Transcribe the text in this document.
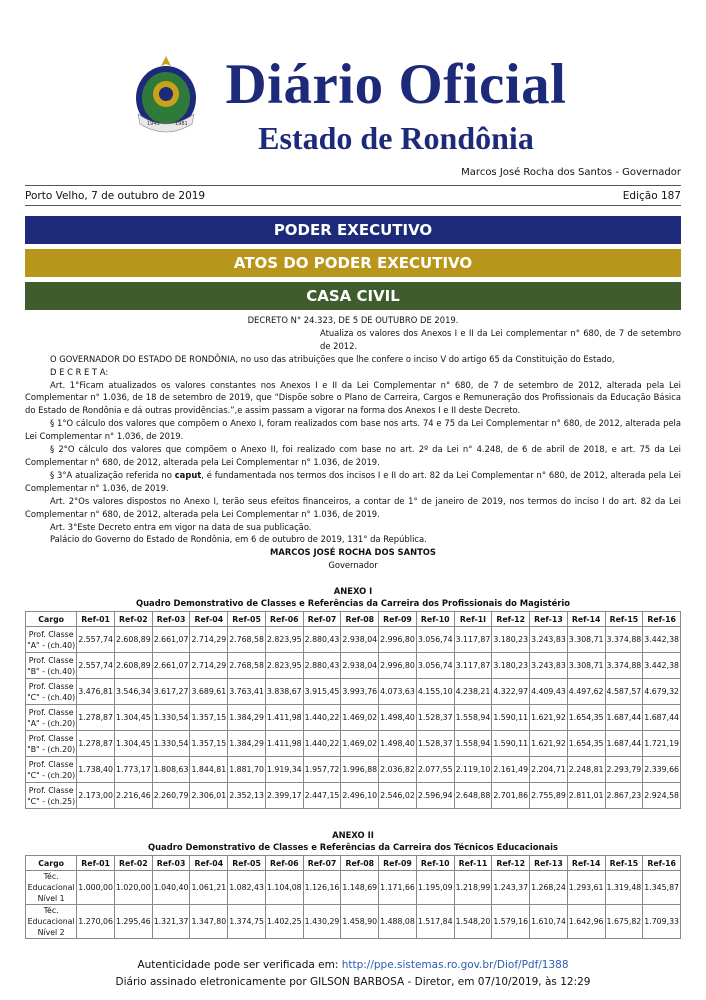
1943	1981
Diário Oficial
Estado de Rondônia
Marcos José Rocha dos Santos - Governador
Porto Velho, 7 de outubro de 2019	Edição 187
PODER EXECUTIVO
ATOS DO PODER EXECUTIVO
CASA CIVIL

DECRETO N° 24.323, DE 5 DE OUTUBRO DE 2019.

Atualiza os valores dos Anexos I e II da Lei complementar n° 680, de 7 de setembro de 2012.

O GOVERNADOR DO ESTADO DE RONDÔNIA, no uso das atribuições que lhe confere o inciso V do artigo 65 da Constituição do Estado,

D E C R E T A:

Art. 1°Ficam atualizados os valores constantes nos Anexos I e II da Lei Complementar n° 680, de 7 de setembro de 2012, alterada pela Lei Complementar n° 1.036, de 18 de setembro de 2019, que “Dispõe sobre o Plano de Carreira, Cargos e Remuneração dos Profissionais da Educação Básica do Estado de Rondônia e dá outras providências.”,e assim passam a vigorar na forma dos Anexos I e II deste Decreto.

§ 1°O cálculo dos valores que compõem o Anexo I, foram realizados com base nos arts. 74 e 75 da Lei Complementar n° 680, de 2012, alterada pela Lei Complementar n° 1.036, de 2019.

§ 2°O cálculo dos valores que compõem o Anexo II, foi realizado com base no art. 2º da Lei n° 4.248, de 6 de abril de 2018, e art. 75 da Lei Complementar n° 680, de 2012, alterada pela Lei Complementar n° 1.036, de 2019.

§ 3°A atualização referida no caput, é fundamentada nos termos dos incisos I e II do art. 82 da Lei Complementar n° 680, de 2012, alterada pela Lei Complementar n° 1.036, de 2019.

Art. 2°Os valores dispostos no Anexo I, terão seus efeitos financeiros, a contar de 1° de janeiro de 2019, nos termos do inciso I do art. 82 da Lei Complementar n° 680, de 2012, alterada pela Lei Complementar n° 1.036, de 2019.

Art. 3°Este Decreto entra em vigor na data de sua publicação.

Palácio do Governo do Estado de Rondônia, em 6 de outubro de 2019, 131° da República.

MARCOS JOSÉ ROCHA DOS SANTOS

Governador

ANEXO I
Quadro Demonstrativo de Classes e Referências da Carreira dos Profissionais do Magistério
Cargo	Ref-01	Ref-02	Ref-03	Ref-04	Ref-05	Ref-06	Ref-07	Ref-08	Ref-09	Ref-10	Ref-1I	Ref-12	Ref-13	Ref-14	Ref-15	Ref-16
Prof. Classe "A" - (ch.40)	2.557,74	2.608,89	2.661,07	2.714,29	2.768,58	2.823,95	2.880,43	2.938,04	2.996,80	3.056,74	3.117,87	3.180,23	3.243,83	3.308,71	3.374,88	3.442,38
Prof. Classe "B" - (ch.40)	2.557,74	2.608,89	2.661,07	2.714,29	2.768,58	2.823,95	2.880,43	2.938,04	2.996,80	3.056,74	3.117,87	3.180,23	3.243,83	3.308,71	3.374,88	3.442,38
Prof. Classe "C" - (ch.40)	3.476,81	3.546,34	3.617,27	3.689,61	3.763,41	3.838,67	3.915,45	3.993,76	4.073,63	4.155,10	4.238,21	4.322,97	4.409,43	4.497,62	4.587,57	4.679,32
Prof. Classe "A" - (ch.20)	1.278,87	1.304,45	1.330,54	1.357,15	1.384,29	1.411,98	1.440,22	1.469,02	1.498,40	1.528,37	1.558,94	1.590,11	1.621,92	1.654,35	1.687,44	1.687,44
Prof. Classe "B" - (ch.20)	1.278,87	1.304,45	1.330,54	1.357,15	1.384,29	1.411,98	1.440,22	1.469,02	1.498,40	1.528,37	1.558,94	1.590,11	1.621,92	1.654,35	1.687,44	1.721,19
Prof. Classe "C" - (ch.20)	1.738,40	1.773,17	1.808,63	1.844,81	1.881,70	1.919,34	1.957,72	1.996,88	2.036,82	2.077,55	2.119,10	2.161,49	2.204,71	2.248,81	2.293,79	2.339,66
Prof. Classe "C" - (ch.25)	2.173,00	2.216,46	2.260,79	2.306,01	2.352,13	2.399,17	2.447,15	2.496,10	2.546,02	2.596,94	2.648,88	2.701,86	2.755,89	2.811,01	2.867,23	2.924,58
ANEXO II
Quadro Demonstrativo de Classes e Referências da Carreira dos Técnicos Educacionais
Cargo	Ref-01	Ref-02	Ref-03	Ref-04	Ref-05	Ref-06	Ref-07	Ref-08	Ref-09	Ref-10	Ref-11	Ref-12	Ref-13	Ref-14	Ref-15	Ref-16
Téc. Educacional Nível 1	1.000,00	1.020,00	1.040,40	1.061,21	1.082,43	1.104,08	1.126,16	1.148,69	1.171,66	1.195,09	1.218,99	1.243,37	1.268,24	1.293,61	1.319,48	1.345,87
Téc. Educacional Nível 2	1.270,06	1.295,46	1.321,37	1.347,80	1.374,75	1.402,25	1.430,29	1.458,90	1.488,08	1.517,84	1.548,20	1.579,16	1.610,74	1.642,96	1.675,82	1.709,33
Autenticidade pode ser verificada em: http://ppe.sistemas.ro.gov.br/Diof/Pdf/1388
Diário assinado eletronicamente por GILSON BARBOSA - Diretor, em 07/10/2019, às 12:29
